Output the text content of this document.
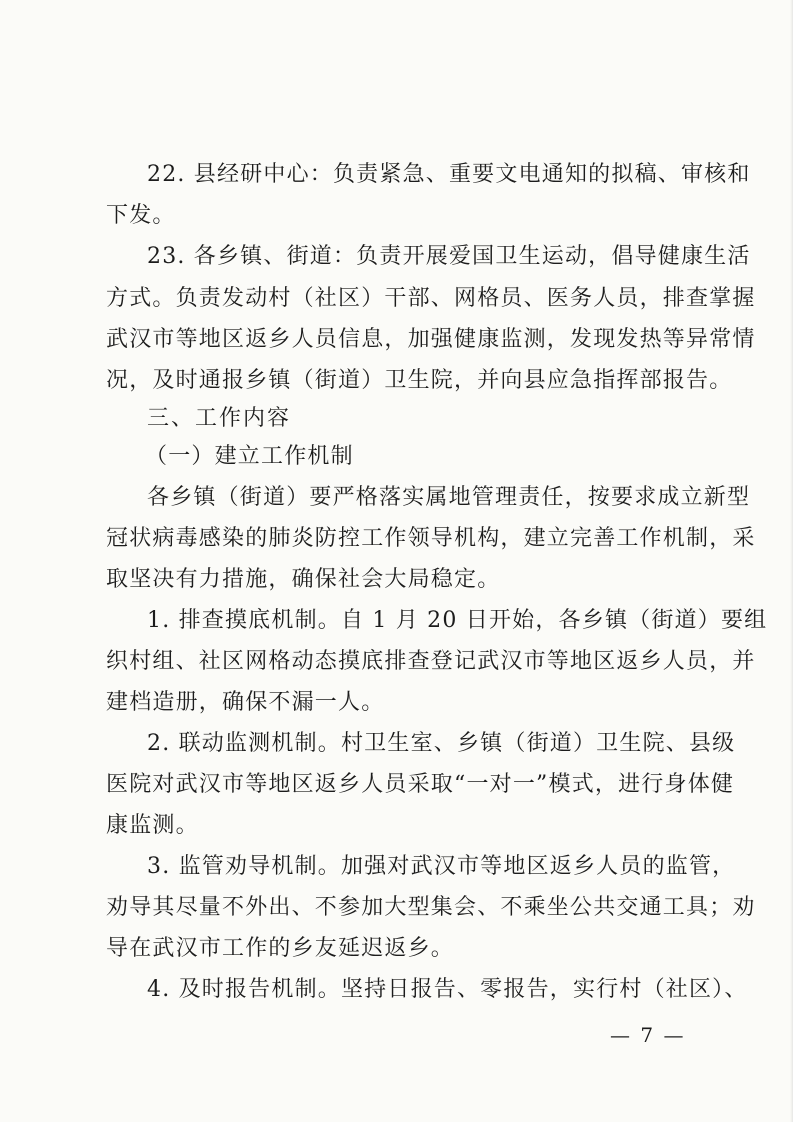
22. 县经研中心：负责紧急、重要文电通知的拟稿、审核和
下发。
23. 各乡镇、街道：负责开展爱国卫生运动，倡导健康生活
方式。负责发动村（社区）干部、网格员、医务人员，排查掌握
武汉市等地区返乡人员信息，加强健康监测，发现发热等异常情
况，及时通报乡镇（街道）卫生院，并向县应急指挥部报告。
三、工作内容
（一）建立工作机制
各乡镇（街道）要严格落实属地管理责任，按要求成立新型
冠状病毒感染的肺炎防控工作领导机构，建立完善工作机制，采
取坚决有力措施，确保社会大局稳定。
1. 排查摸底机制。自 1 月 20 日开始，各乡镇（街道）要组
织村组、社区网格动态摸底排查登记武汉市等地区返乡人员，并
建档造册，确保不漏一人。
2. 联动监测机制。村卫生室、乡镇（街道）卫生院、县级
医院对武汉市等地区返乡人员采取“一对一”模式，进行身体健
康监测。
3. 监管劝导机制。加强对武汉市等地区返乡人员的监管，
劝导其尽量不外出、不参加大型集会、不乘坐公共交通工具；劝
导在武汉市工作的乡友延迟返乡。
4. 及时报告机制。坚持日报告、零报告，实行村（社区）、
— 7 —
